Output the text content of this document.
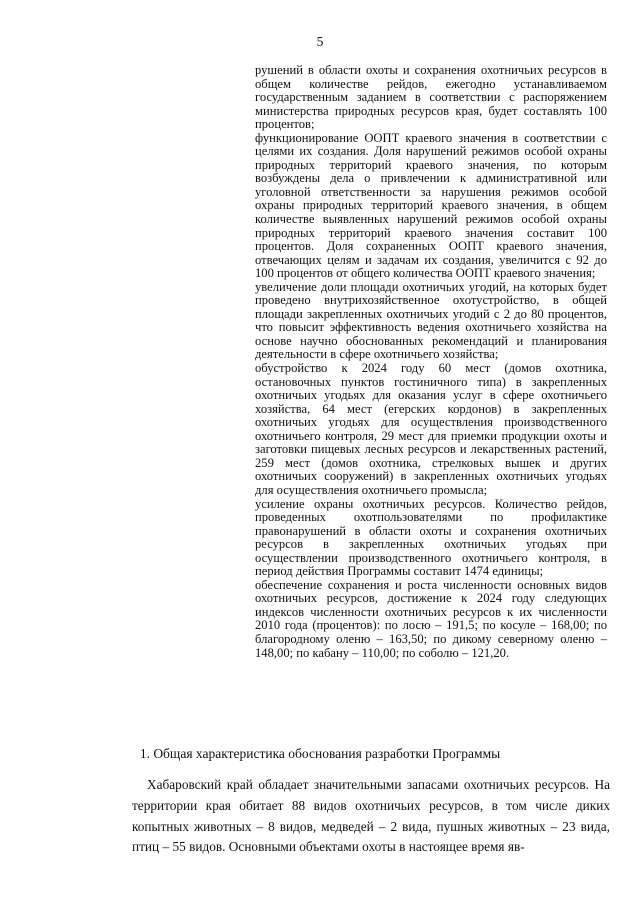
5

рушений в области охоты и сохранения охотничьих ресурсов в общем количестве рейдов, ежегодно устанавливаемом государственным заданием в соответствии с распоряжением министерства природных ресурсов края, будет составлять 100 процентов;

функционирование ООПТ краевого значения в соответствии с целями их создания. Доля нарушений режимов особой охраны природных территорий краевого значения, по которым возбуждены дела о привлечении к административной или уголовной ответственности за нарушения режимов особой охраны природных территорий краевого значения, в общем количестве выявленных нарушений режимов особой охраны природных территорий краевого значения составит 100 процентов. Доля сохраненных ООПТ краевого значения, отвечающих целям и задачам их создания, увеличится с 92 до 100 процентов от общего количества ООПТ краевого значения;

увеличение доли площади охотничьих угодий, на которых будет проведено внутрихозяйственное охотустройство, в общей площади закрепленных охотничьих угодий с 2 до 80 процентов, что повысит эффективность ведения охотничьего хозяйства на основе научно обоснованных рекомендаций и планирования деятельности в сфере охотничьего хозяйства;

обустройство к 2024 году 60 мест (домов охотника, остановочных пунктов гостиничного типа) в закрепленных охотничьих угодьях для оказания услуг в сфере охотничьего хозяйства, 64 мест (егерских кордонов) в закрепленных охотничьих угодьях для осуществления производственного охотничьего контроля, 29 мест для приемки продукции охоты и заготовки пищевых лесных ресурсов и лекарственных растений, 259 мест (домов охотника, стрелковых вышек и других охотничьих сооружений) в закрепленных охотничьих угодьях для осуществления охотничьего промысла;

усиление охраны охотничьих ресурсов. Количество рейдов, проведенных охотпользователями по профилактике правонарушений в области охоты и сохранения охотничьих ресурсов в закрепленных охотничьих угодьях при осуществлении производственного охотничьего контроля, в период действия Программы составит 1474 единицы;

обеспечение сохранения и роста численности основных видов охотничьих ресурсов, достижение к 2024 году следующих индексов численности охотничьих ресурсов к их численности 2010 года (процентов): по лосю – 191,5; по косуле – 168,00; по благородному оленю – 163,50; по дикому северному оленю – 148,00; по кабану – 110,00; по соболю – 121,20.

1. Общая характеристика обоснования разработки Программы

Хабаровский край обладает значительными запасами охотничьих ресурсов. На территории края обитает 88 видов охотничьих ресурсов, в том числе диких копытных животных – 8 видов, медведей – 2 вида, пушных животных – 23 вида, птиц – 55 видов. Основными объектами охоты в настоящее время яв-
